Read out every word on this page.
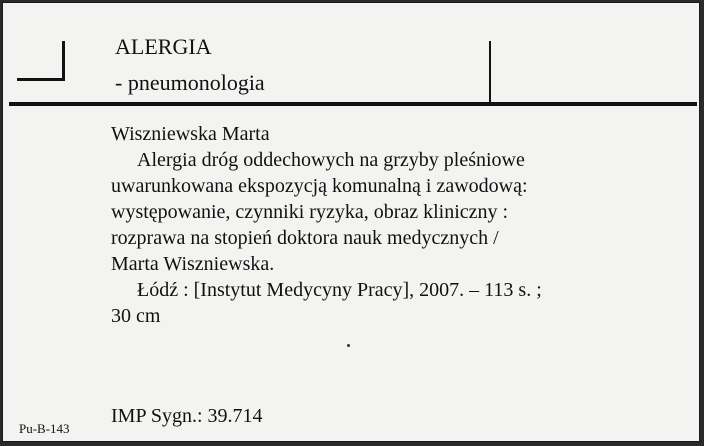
ALERGIA
- pneumonologia
Wiszniewska Marta
Alergia dróg oddechowych na grzyby pleśniowe
uwarunkowana ekspozycją komunalną i zawodową:
występowanie, czynniki ryzyka, obraz kliniczny :
rozprawa na stopień doktora nauk medycznych /
Marta Wiszniewska.
Łódź : [Instytut Medycyny Pracy], 2007. – 113 s. ;
30 cm
Pu-B-143
IMP Sygn.: 39.714
